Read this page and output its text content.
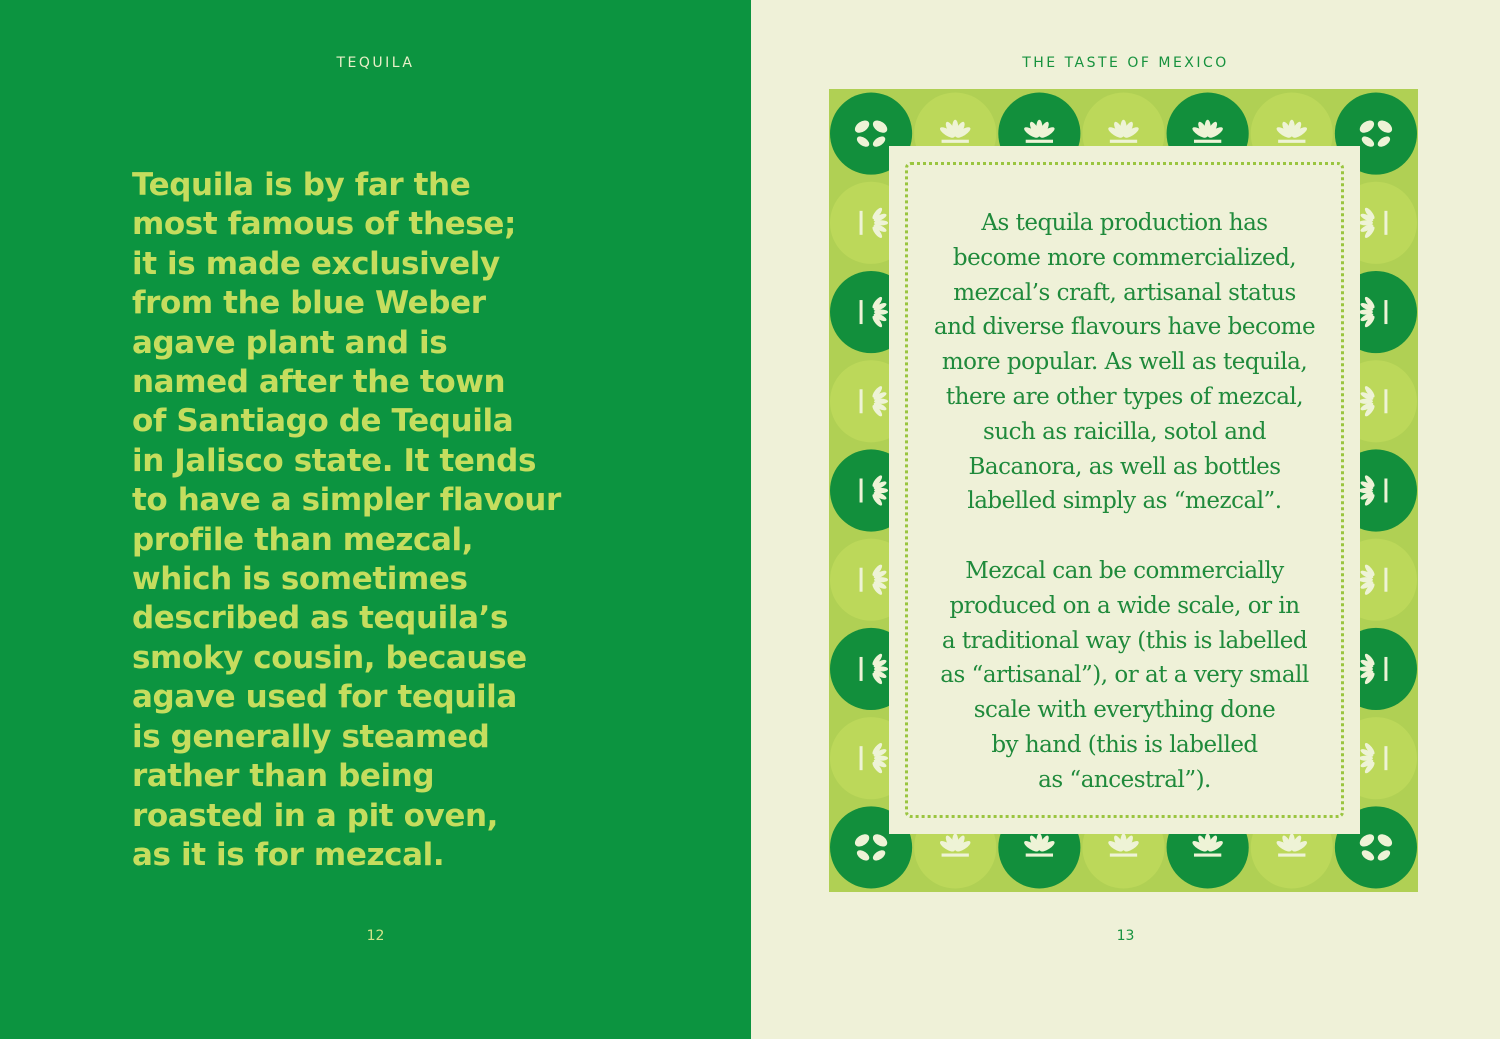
TEQUILA
Tequila is by far the
most famous of these;
it is made exclusively
from the blue Weber
agave plant and is
named after the town
of Santiago de Tequila
in Jalisco state. It tends
to have a simpler flavour
profile than mezcal,
which is sometimes
described as tequila’s
smoky cousin, because
agave used for tequila
is generally steamed
rather than being
roasted in a pit oven,
as it is for mezcal.
12
THE TASTE OF MEXICO
13

As tequila production has
become more commercialized,
mezcal’s craft, artisanal status
and diverse flavours have become
more popular. As well as tequila,
there are other types of mezcal,
such as raicilla, sotol and
Bacanora, as well as bottles
labelled simply as “mezcal”.

Mezcal can be commercially
produced on a wide scale, or in
a traditional way (this is labelled
as “artisanal”), or at a very small
scale with everything done
by hand (this is labelled
as “ancestral”).
